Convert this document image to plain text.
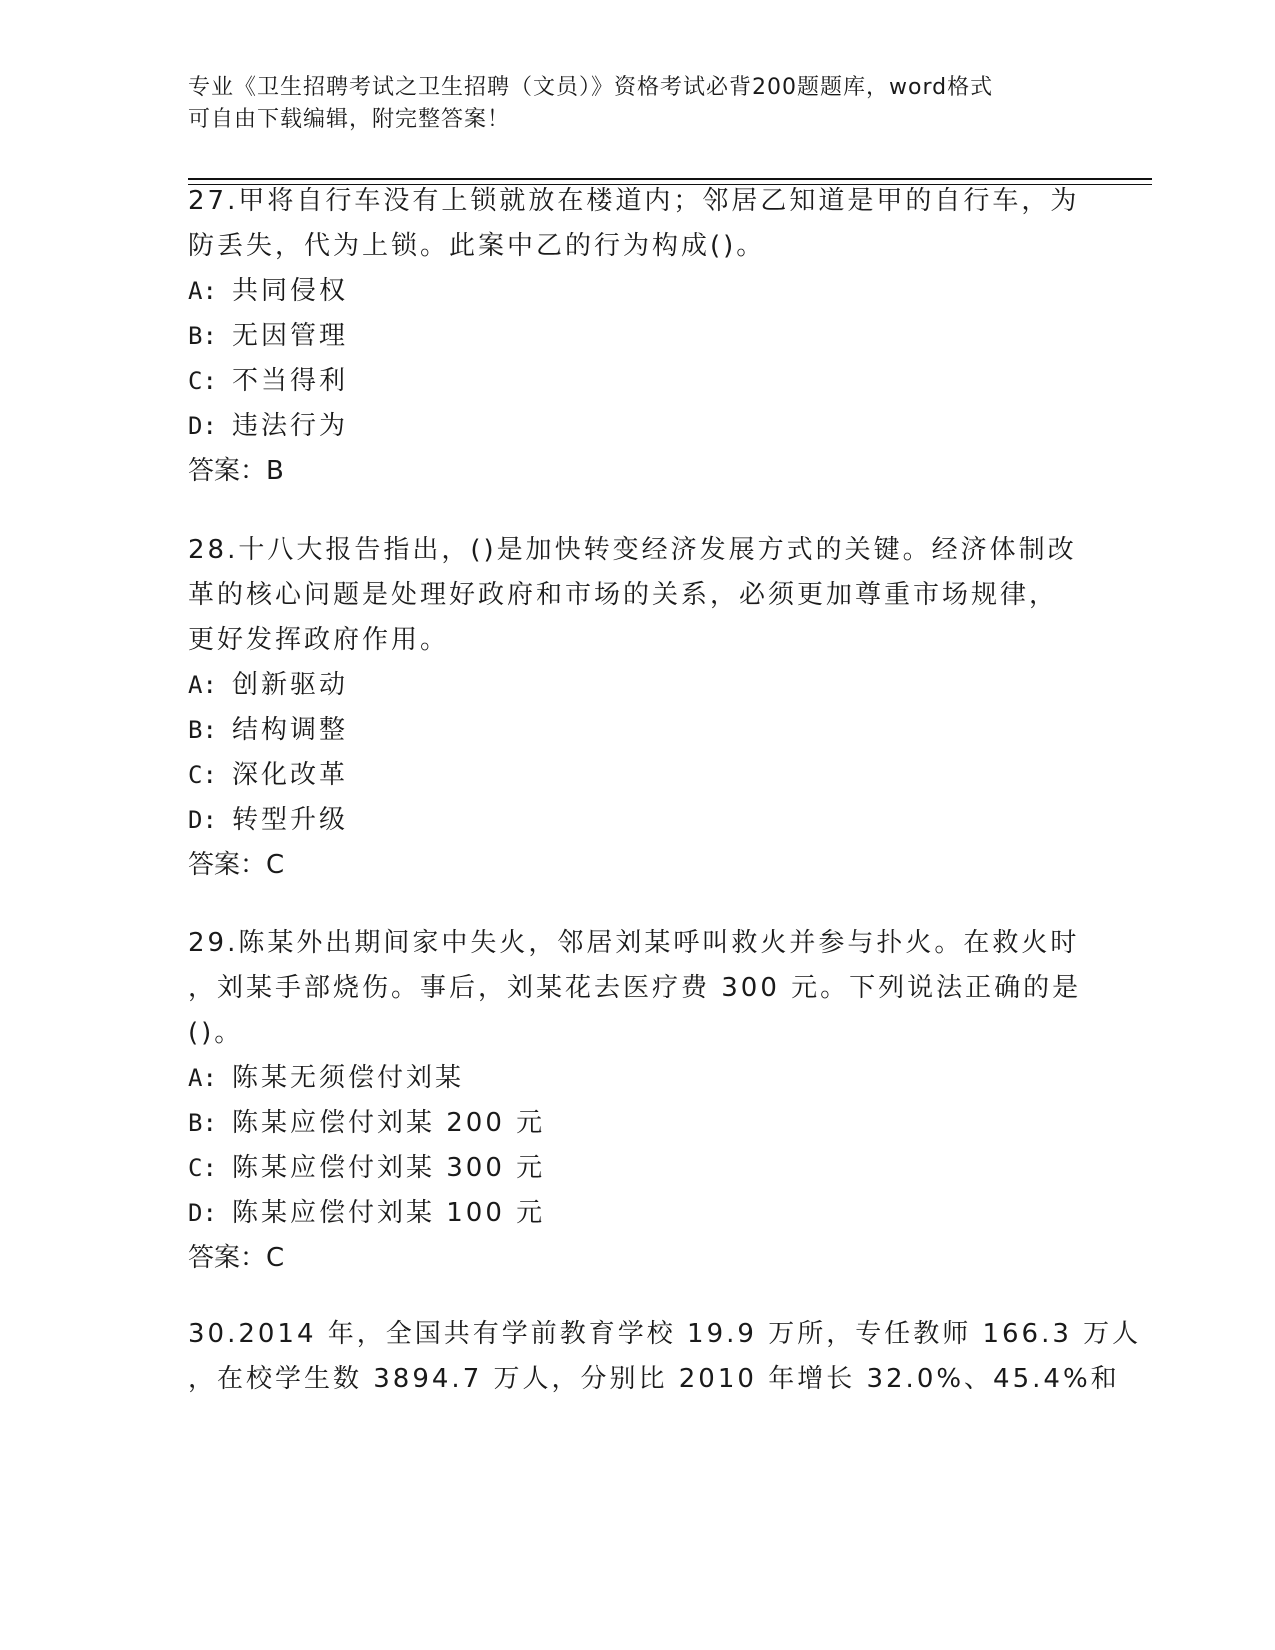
专业《卫生招聘考试之卫生招聘（文员）》资格考试必背200题题库，word格式
可自由下载编辑，附完整答案！
27.甲将自行车没有上锁就放在楼道内；邻居乙知道是甲的自行车，为
防丢失，代为上锁。此案中乙的行为构成()。
A: 共同侵权
B: 无因管理
C: 不当得利
D: 违法行为
答案：B
28.十八大报告指出，()是加快转变经济发展方式的关键。经济体制改
革的核心问题是处理好政府和市场的关系，必须更加尊重市场规律，
更好发挥政府作用。
A: 创新驱动
B: 结构调整
C: 深化改革
D: 转型升级
答案：C
29.陈某外出期间家中失火，邻居刘某呼叫救火并参与扑火。在救火时
，刘某手部烧伤。事后，刘某花去医疗费 300 元。下列说法正确的是
()。
A: 陈某无须偿付刘某
B: 陈某应偿付刘某 200 元
C: 陈某应偿付刘某 300 元
D: 陈某应偿付刘某 100 元
答案：C
30.2014 年，全国共有学前教育学校 19.9 万所，专任教师 166.3 万人
，在校学生数 3894.7 万人，分别比 2010 年增长 32.0%、45.4%和
